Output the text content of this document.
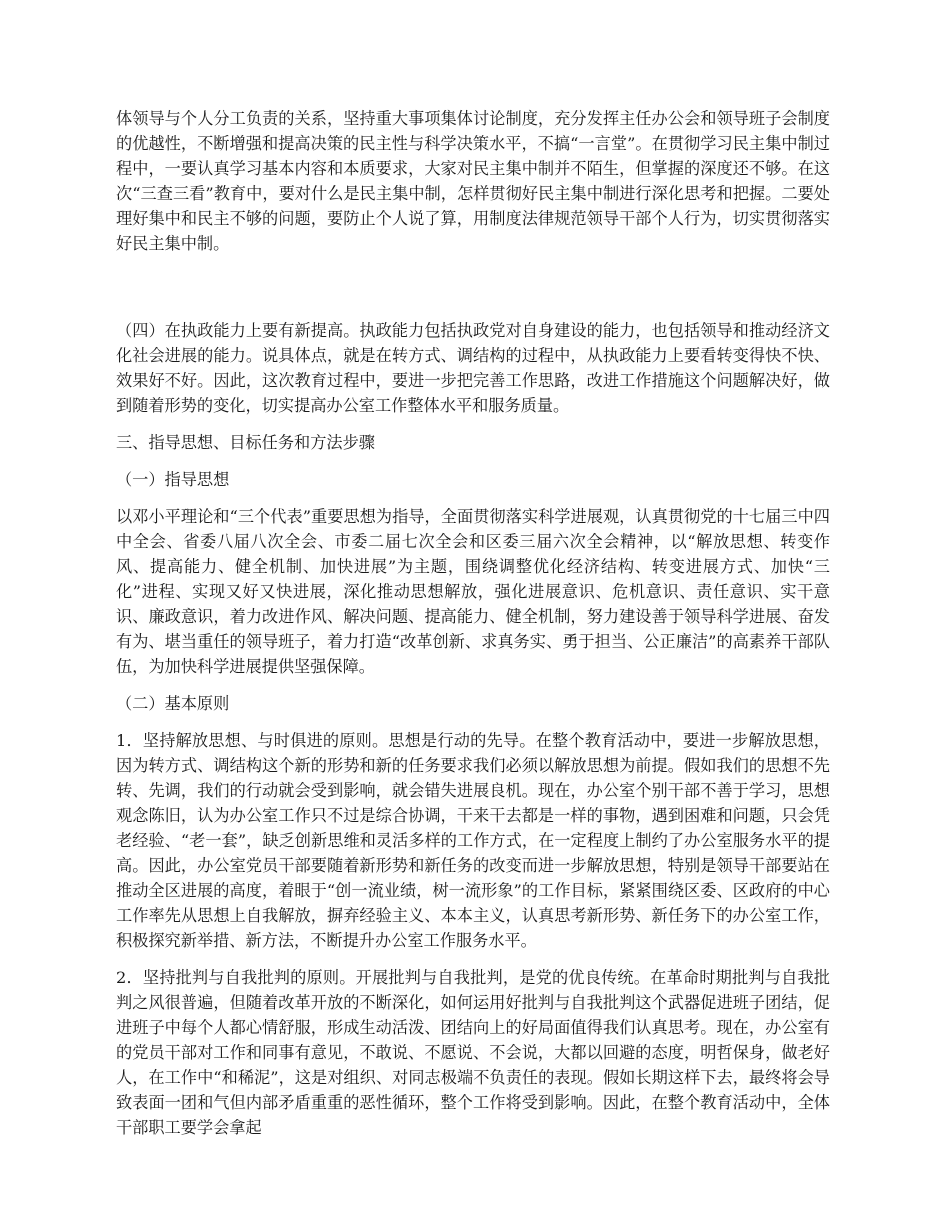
体领导与个人分工负责的关系，坚持重大事项集体讨论制度，充分发挥主任办公会和领导班子会制度的优越性，不断增强和提高决策的民主性与科学决策水平，不搞“一言堂”。在贯彻学习民主集中制过程中，一要认真学习基本内容和本质要求，大家对民主集中制并不陌生，但掌握的深度还不够。在这次“三查三看”教育中，要对什么是民主集中制，怎样贯彻好民主集中制进行深化思考和把握。二要处理好集中和民主不够的问题，要防止个人说了算，用制度法律规范领导干部个人行为，切实贯彻落实好民主集中制。

（四）在执政能力上要有新提高。执政能力包括执政党对自身建设的能力，也包括领导和推动经济文化社会进展的能力。说具体点，就是在转方式、调结构的过程中，从执政能力上要看转变得快不快、效果好不好。因此，这次教育过程中，要进一步把完善工作思路，改进工作措施这个问题解决好，做到随着形势的变化，切实提高办公室工作整体水平和服务质量。

三、指导思想、目标任务和方法步骤

（一）指导思想

以邓小平理论和“三个代表”重要思想为指导，全面贯彻落实科学进展观，认真贯彻党的十七届三中四中全会、省委八届八次全会、市委二届七次全会和区委三届六次全会精神，以“解放思想、转变作风、提高能力、健全机制、加快进展”为主题，围绕调整优化经济结构、转变进展方式、加快“三化”进程、实现又好又快进展，深化推动思想解放，强化进展意识、危机意识、责任意识、实干意识、廉政意识，着力改进作风、解决问题、提高能力、健全机制，努力建设善于领导科学进展、奋发有为、堪当重任的领导班子，着力打造“改革创新、求真务实、勇于担当、公正廉洁”的高素养干部队伍，为加快科学进展提供坚强保障。

（二）基本原则

1．坚持解放思想、与时俱进的原则。思想是行动的先导。在整个教育活动中，要进一步解放思想，因为转方式、调结构这个新的形势和新的任务要求我们必须以解放思想为前提。假如我们的思想不先转、先调，我们的行动就会受到影响，就会错失进展良机。现在，办公室个别干部不善于学习，思想观念陈旧，认为办公室工作只不过是综合协调，干来干去都是一样的事物，遇到困难和问题，只会凭老经验、“老一套”，缺乏创新思维和灵活多样的工作方式，在一定程度上制约了办公室服务水平的提高。因此，办公室党员干部要随着新形势和新任务的改变而进一步解放思想，特别是领导干部要站在推动全区进展的高度，着眼于“创一流业绩，树一流形象”的工作目标，紧紧围绕区委、区政府的中心工作率先从思想上自我解放，摒弃经验主义、本本主义，认真思考新形势、新任务下的办公室工作，积极探究新举措、新方法，不断提升办公室工作服务水平。

2．坚持批判与自我批判的原则。开展批判与自我批判，是党的优良传统。在革命时期批判与自我批判之风很普遍，但随着改革开放的不断深化，如何运用好批判与自我批判这个武器促进班子团结，促进班子中每个人都心情舒服，形成生动活泼、团结向上的好局面值得我们认真思考。现在，办公室有的党员干部对工作和同事有意见，不敢说、不愿说、不会说，大都以回避的态度，明哲保身，做老好人，在工作中“和稀泥”，这是对组织、对同志极端不负责任的表现。假如长期这样下去，最终将会导致表面一团和气但内部矛盾重重的恶性循环，整个工作将受到影响。因此，在整个教育活动中，全体干部职工要学会拿起
